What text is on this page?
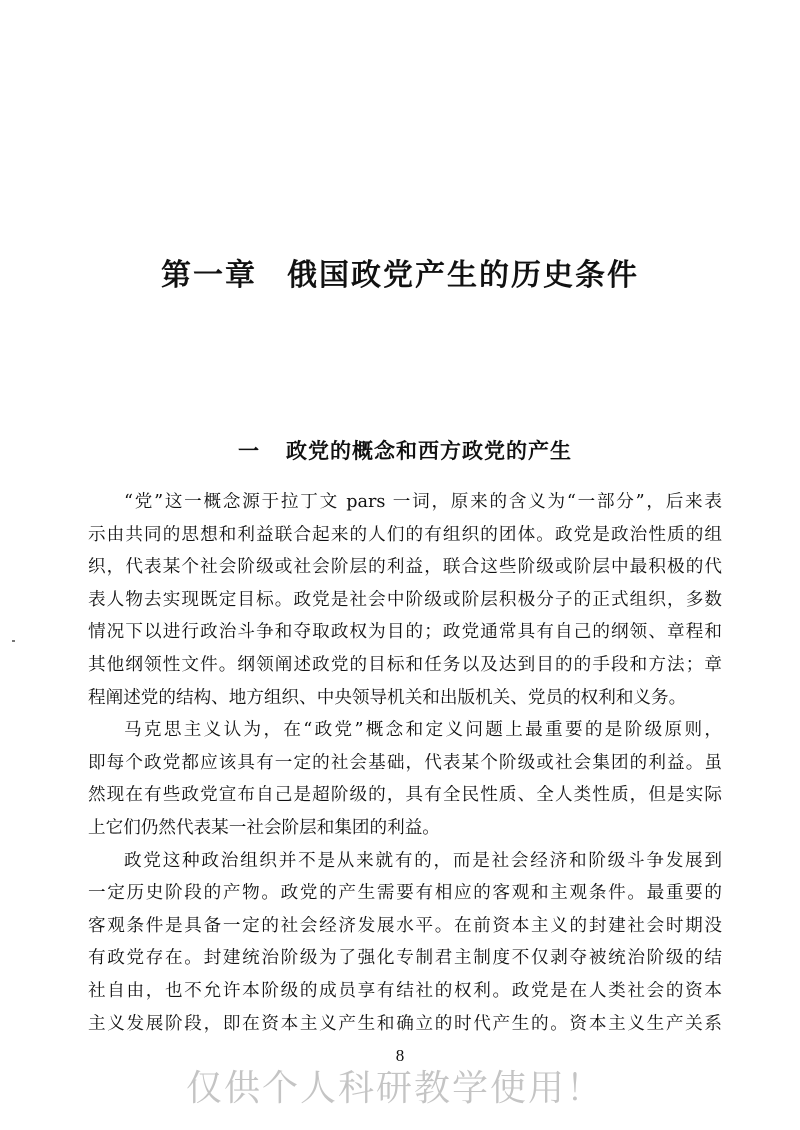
第一章 俄国政党产生的历史条件
一 政党的概念和西方政党的产生
“党”这一概念源于拉丁文 pars 一词，原来的含义为“一部分”，后来表
示由共同的思想和利益联合起来的人们的有组织的团体。政党是政治性质的组
织，代表某个社会阶级或社会阶层的利益，联合这些阶级或阶层中最积极的代
表人物去实现既定目标。政党是社会中阶级或阶层积极分子的正式组织，多数
情况下以进行政治斗争和夺取政权为目的；政党通常具有自己的纲领、章程和
其他纲领性文件。纲领阐述政党的目标和任务以及达到目的的手段和方法；章
程阐述党的结构、地方组织、中央领导机关和出版机关、党员的权利和义务。
马克思主义认为，在“政党”概念和定义问题上最重要的是阶级原则，
即每个政党都应该具有一定的社会基础，代表某个阶级或社会集团的利益。虽
然现在有些政党宣布自己是超阶级的，具有全民性质、全人类性质，但是实际
上它们仍然代表某一社会阶层和集团的利益。
政党这种政治组织并不是从来就有的，而是社会经济和阶级斗争发展到
一定历史阶段的产物。政党的产生需要有相应的客观和主观条件。最重要的
客观条件是具备一定的社会经济发展水平。在前资本主义的封建社会时期没
有政党存在。封建统治阶级为了强化专制君主制度不仅剥夺被统治阶级的结
社自由，也不允许本阶级的成员享有结社的权利。政党是在人类社会的资本
主义发展阶段，即在资本主义产生和确立的时代产生的。资本主义生产关系
8
仅供个人科研教学使用！
